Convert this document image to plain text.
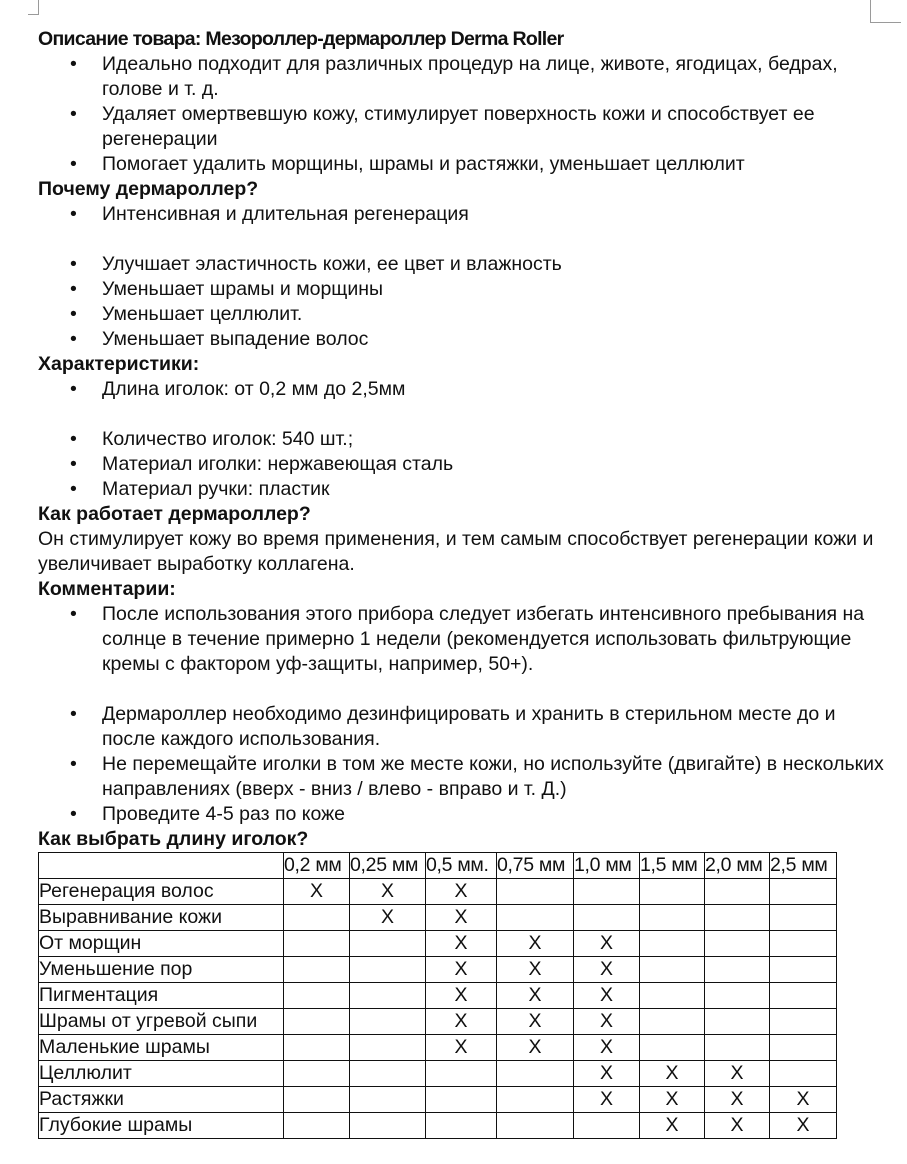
Описание товара: Мезороллер-дермароллер Derma Roller
• Идеально подходит для различных процедур на лице, животе, ягодицах, бедрах, голове и т. д.
• Удаляет омертвевшую кожу, стимулирует поверхность кожи и способствует ее регенерации
• Помогает удалить морщины, шрамы и растяжки, уменьшает целлюлит
Почему дермароллер?
• Интенсивная и длительная регенерация
• Улучшает эластичность кожи, ее цвет и влажность
• Уменьшает шрамы и морщины
• Уменьшает целлюлит.
• Уменьшает выпадение волос
Характеристики:
• Длина иголок: от 0,2 мм до 2,5мм
• Количество иголок: 540 шт.;
• Материал иголки: нержавеющая сталь
• Материал ручки: пластик
Как работает дермароллер?
Он стимулирует кожу во время применения, и тем самым способствует регенерации кожи и увеличивает выработку коллагена.
Комментарии:
• После использования этого прибора следует избегать интенсивного пребывания на солнце в течение примерно 1 недели (рекомендуется использовать фильтрующие кремы с фактором уф-защиты, например, 50+).
• Дермароллер необходимо дезинфицировать и хранить в стерильном месте до и после каждого использования.
• Не перемещайте иголки в том же месте кожи, но используйте (двигайте) в нескольких направлениях (вверх - вниз / влево - вправо и т. Д.)
• Проведите 4-5 раз по коже
Как выбрать длину иголок?
	0,2 мм	0,25 мм	0,5 мм.	0,75 мм	1,0 мм	1,5 мм	2,0 мм	2,5 мм
Регенерация волос	X	X	X					
Выравнивание кожи		X	X					
От морщин			X	X	X			
Уменьшение пор			X	X	X			
Пигментация			X	X	X			
Шрамы от угревой сыпи			X	X	X			
Маленькие шрамы			X	X	X			
Целлюлит					X	X	X	
Растяжки					X	X	X	X
Глубокие шрамы						X	X	X
